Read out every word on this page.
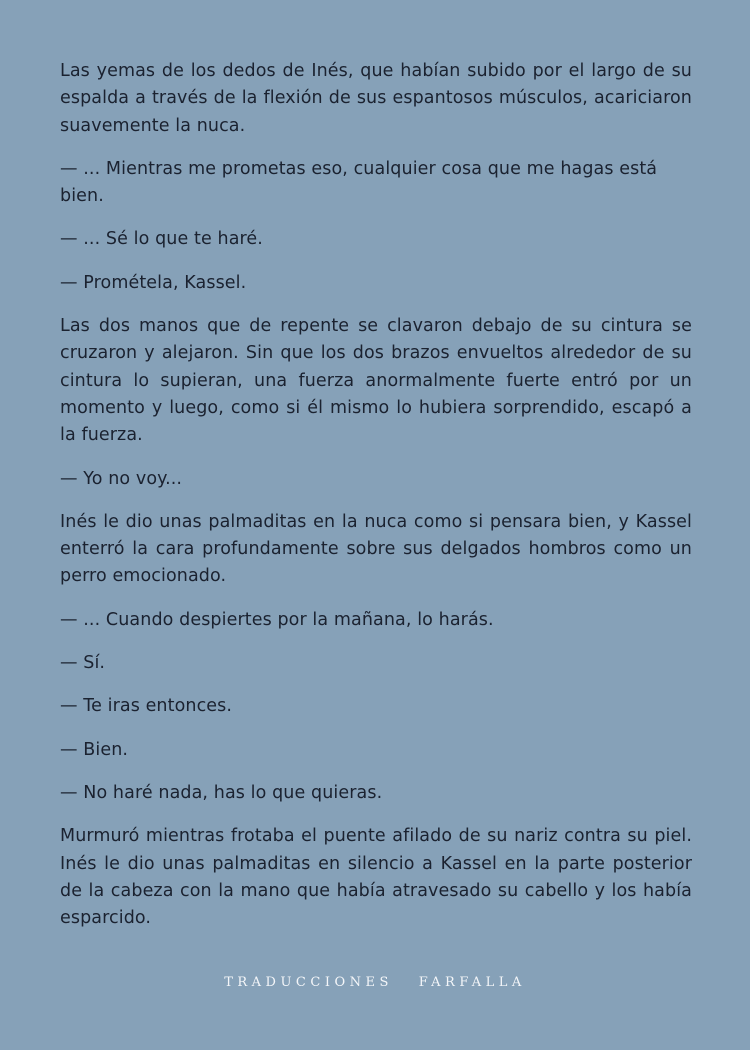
Las yemas de los dedos de Inés, que habían subido por el largo de su espalda a través de la flexión de sus espantosos músculos, acariciaron suavemente la nuca.

— ... Mientras me prometas eso, cualquier cosa que me hagas está bien.

— ... Sé lo que te haré.

— Prométela, Kassel.

Las dos manos que de repente se clavaron debajo de su cintura se cruzaron y alejaron. Sin que los dos brazos envueltos alrededor de su cintura lo supieran, una fuerza anormalmente fuerte entró por un momento y luego, como si él mismo lo hubiera sorprendido, escapó a la fuerza.

— Yo no voy...

Inés le dio unas palmaditas en la nuca como si pensara bien, y Kassel enterró la cara profundamente sobre sus delgados hombros como un perro emocionado.

— ... Cuando despiertes por la mañana, lo harás.

— Sí.

— Te iras entonces.

— Bien.

— No haré nada, has lo que quieras.

Murmuró mientras frotaba el puente afilado de su nariz contra su piel. Inés le dio unas palmaditas en silencio a Kassel en la parte posterior de la cabeza con la mano que había atravesado su cabello y los había esparcido.

TRADUCCIONES   FARFALLA
